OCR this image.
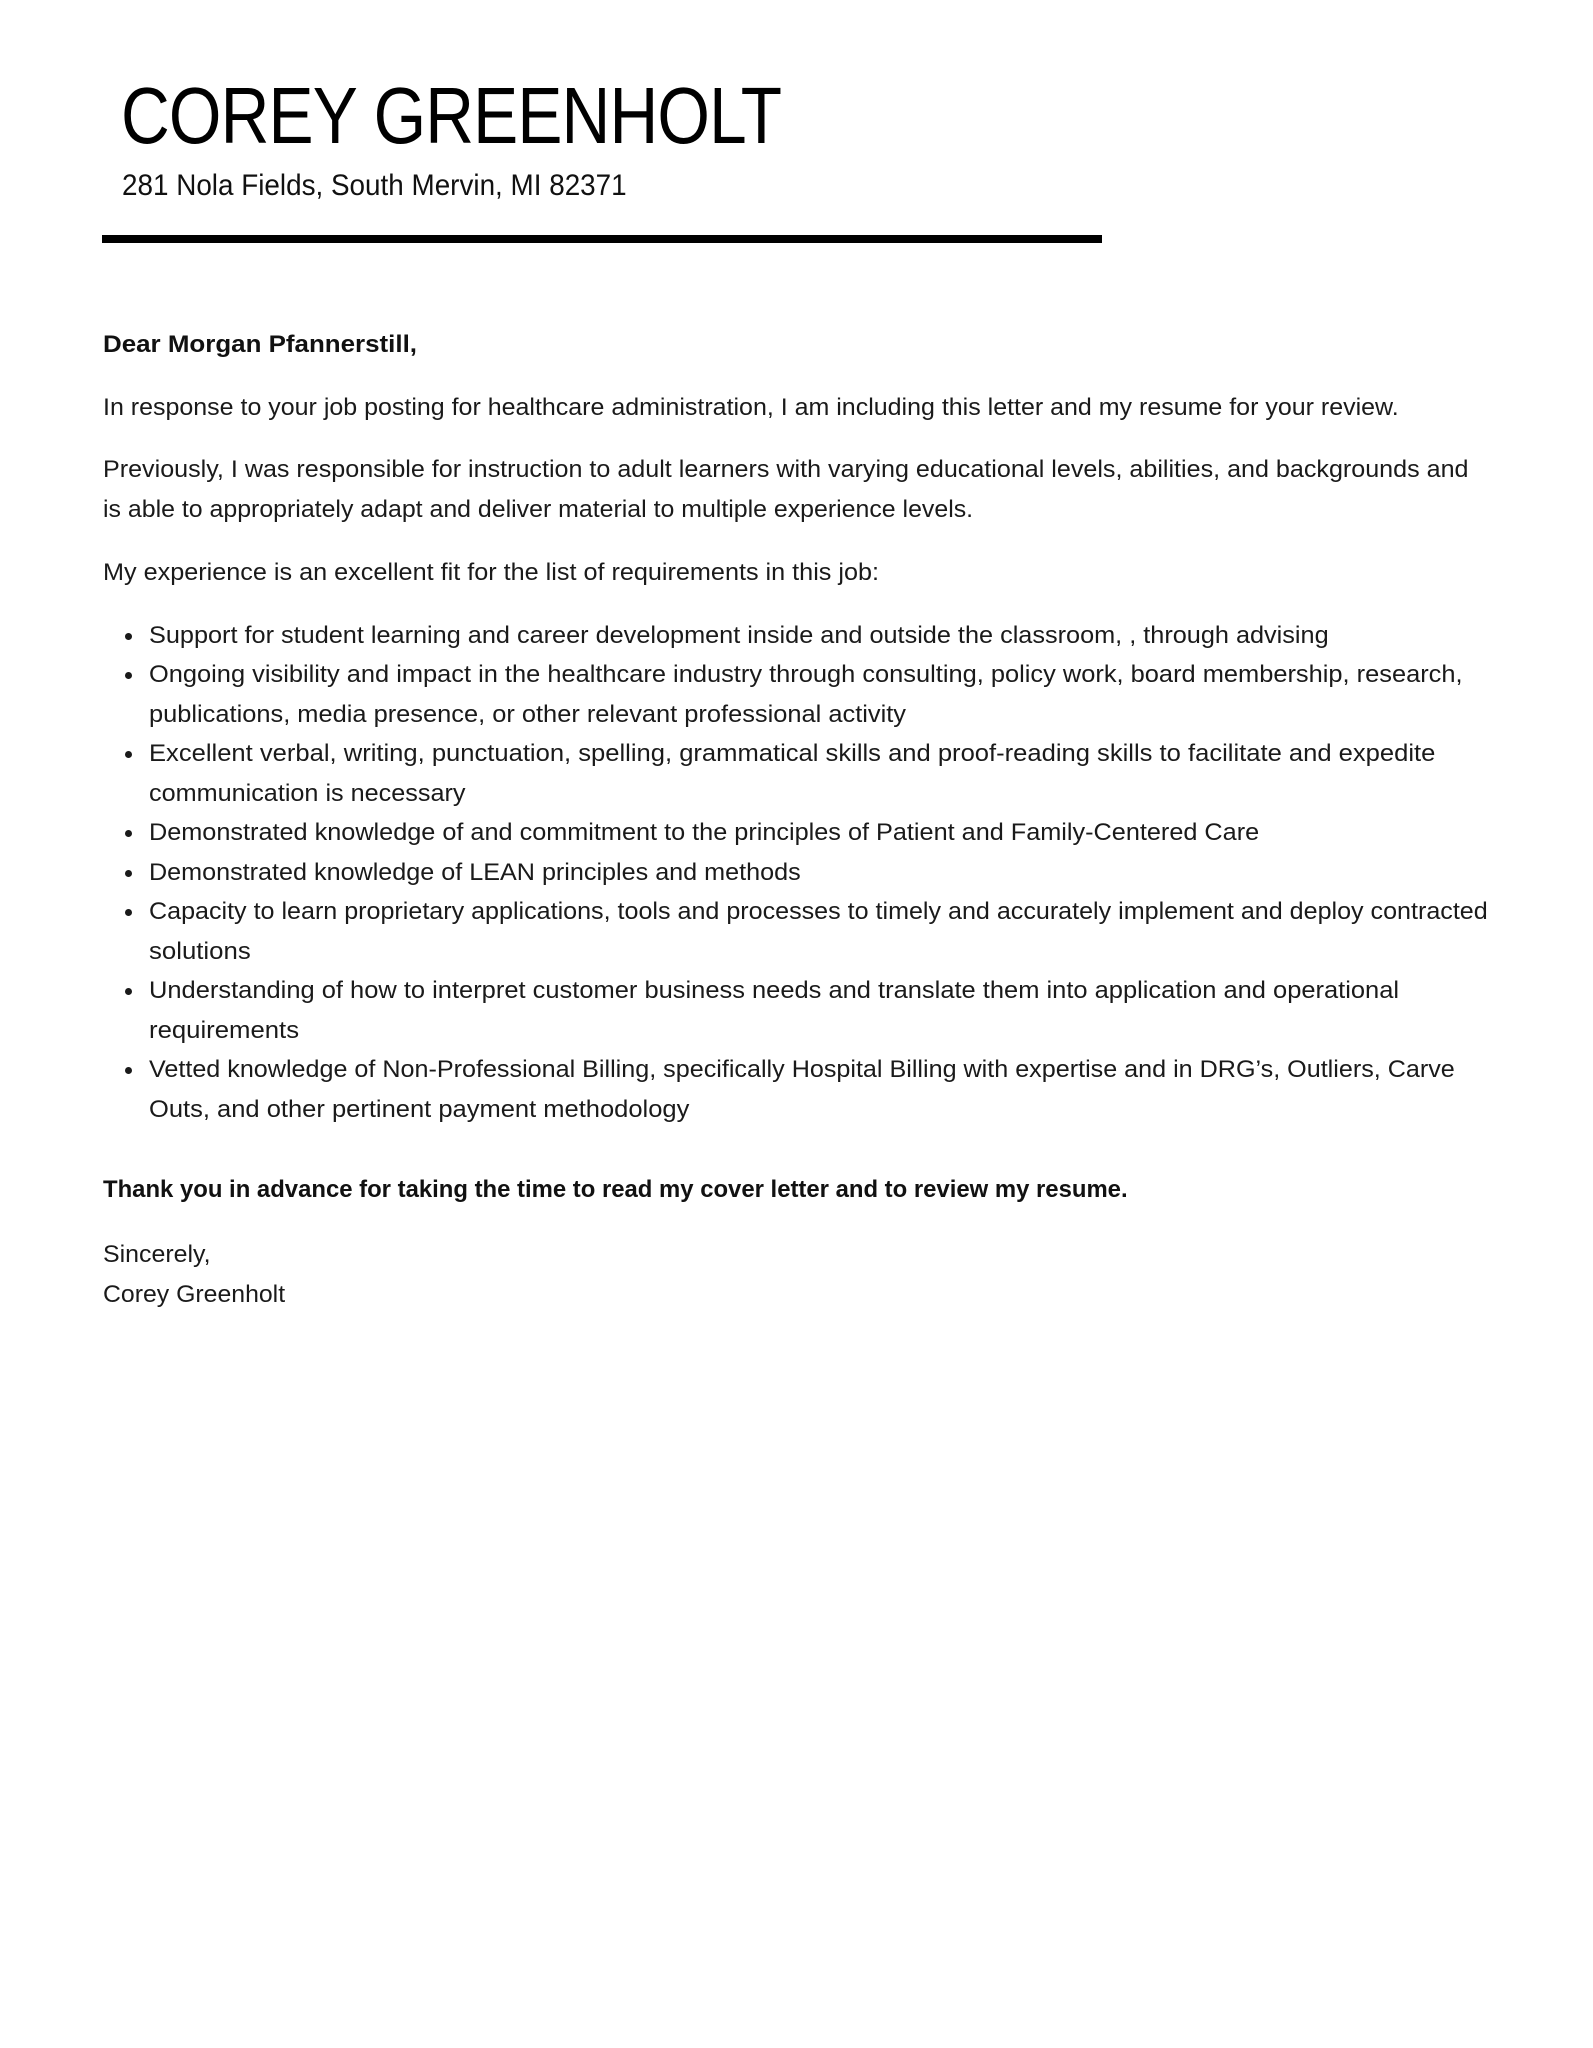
COREY GREENHOLT
281 Nola Fields, South Mervin, MI 82371
Dear Morgan Pfannerstill,
In response to your job posting for healthcare administration, I am including this letter and my resume for your review.
Previously, I was responsible for instruction to adult learners with varying educational levels, abilities, and backgrounds and
is able to appropriately adapt and deliver material to multiple experience levels.
My experience is an excellent fit for the list of requirements in this job:
Support for student learning and career development inside and outside the classroom, , through advising
Ongoing visibility and impact in the healthcare industry through consulting, policy work, board membership, research,
publications, media presence, or other relevant professional activity
Excellent verbal, writing, punctuation, spelling, grammatical skills and proof-reading skills to facilitate and expedite
communication is necessary
Demonstrated knowledge of and commitment to the principles of Patient and Family-Centered Care
Demonstrated knowledge of LEAN principles and methods
Capacity to learn proprietary applications, tools and processes to timely and accurately implement and deploy contracted
solutions
Understanding of how to interpret customer business needs and translate them into application and operational
requirements
Vetted knowledge of Non-Professional Billing, specifically Hospital Billing with expertise and in DRG’s, Outliers, Carve
Outs, and other pertinent payment methodology
Thank you in advance for taking the time to read my cover letter and to review my resume.
Sincerely,
Corey Greenholt
